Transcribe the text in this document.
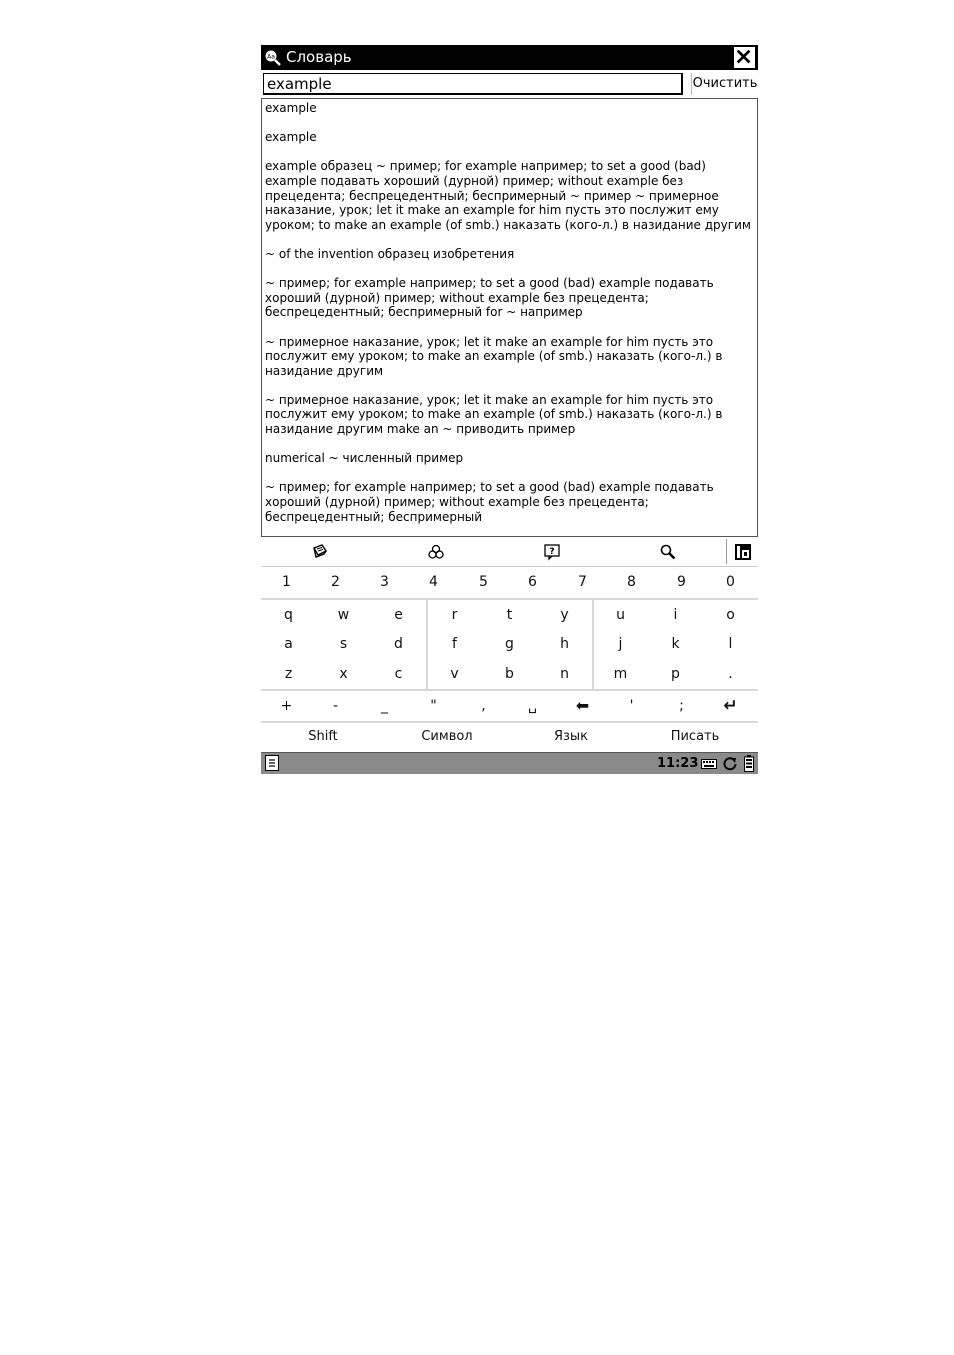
Aa Словарь
example
Очистить
example
example
example образец ~ пример; for example например; to set a good (bad) example подавать хороший (дурной) пример; without example без прецедента; беспрецедентный; беспримерный ~ пример ~ примерное наказание, урок; let it make an example for him пусть это послужит ему уроком; to make an example (of smb.) наказать (кого-л.) в назидание другим
~ of the invention образец изобретения
~ пример; for example например; to set a good (bad) example подавать хороший (дурной) пример; without example без прецедента; беспрецедентный; беспримерный for ~ например
~ примерное наказание, урок; let it make an example for him пусть это послужит ему уроком; to make an example (of smb.) наказать (кого-л.) в назидание другим
~ примерное наказание, урок; let it make an example for him пусть это послужит ему уроком; to make an example (of smb.) наказать (кого-л.) в назидание другим make an ~ приводить пример
numerical ~ численный пример
~ пример; for example например; to set a good (bad) example подавать хороший (дурной) пример; without example без прецедента; беспрецедентный; беспримерный
?
1	2	3	4	5	6	7	8	9	0
q	w	e	r	t	y	u	i	o
a	s	d	f	g	h	j	k	l
z	x	c	v	b	n	m	p	.
+	-	_	"	,	␣	⬅	'	;	↵
Shift	Символ	Язык	Писать
11:23
